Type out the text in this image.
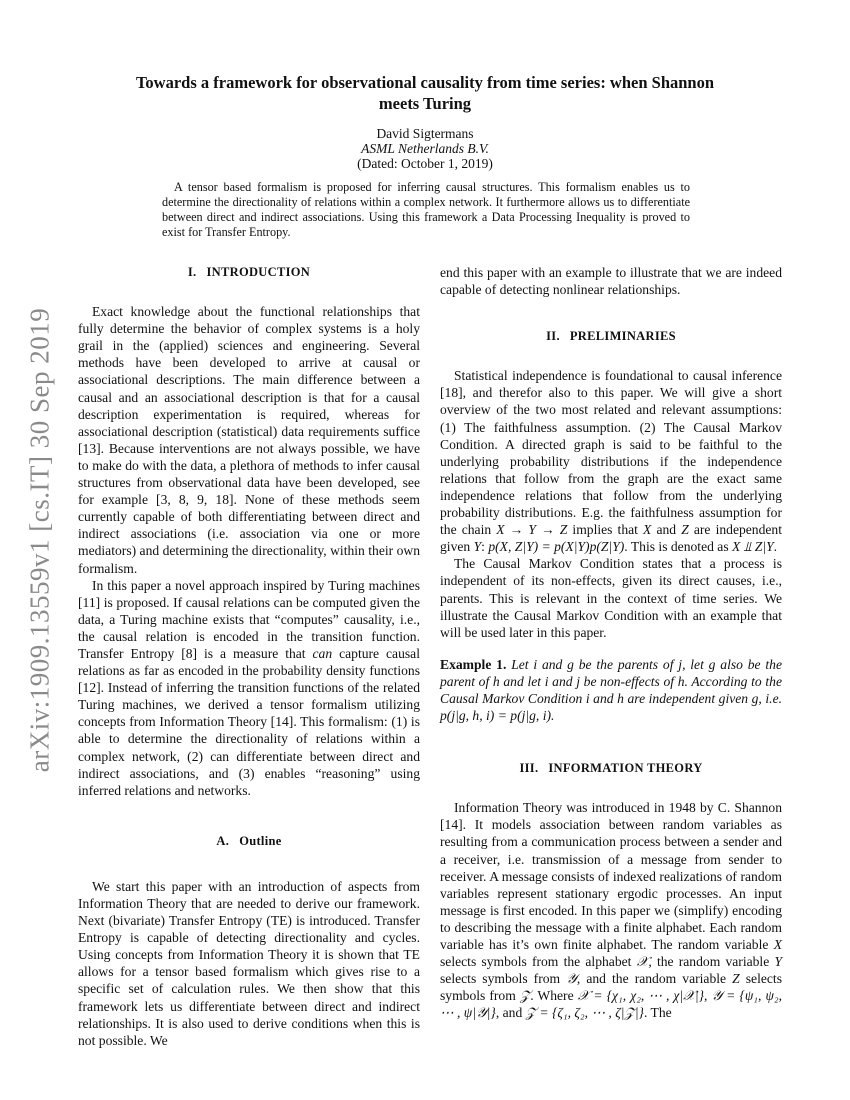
arXiv:1909.13559v1 [cs.IT] 30 Sep 2019
Towards a framework for observational causality from time series: when Shannon
meets Turing
David Sigtermans
ASML Netherlands B.V.
(Dated: October 1, 2019)
A tensor based formalism is proposed for inferring causal structures. This formalism enables us to determine the directionality of relations within a complex network. It furthermore allows us to differentiate between direct and indirect associations. Using this framework a Data Processing Inequality is proved to exist for Transfer Entropy.
I. INTRODUCTION

Exact knowledge about the functional relationships that fully determine the behavior of complex systems is a holy grail in the (applied) sciences and engineering. Several methods have been developed to arrive at causal or associational descriptions. The main difference between a causal and an associational description is that for a causal description experimentation is required, whereas for associational description (statistical) data requirements suffice [13]. Because interventions are not always possible, we have to make do with the data, a plethora of methods to infer causal structures from observational data have been developed, see for example [3, 8, 9, 18]. None of these methods seem currently capable of both differentiating between direct and indirect associations (i.e. association via one or more mediators) and determining the directionality, within their own formalism.

In this paper a novel approach inspired by Turing machines [11] is proposed. If causal relations can be computed given the data, a Turing machine exists that “computes” causality, i.e., the causal relation is encoded in the transition function. Transfer Entropy [8] is a measure that can capture causal relations as far as encoded in the probability density functions [12]. Instead of inferring the transition functions of the related Turing machines, we derived a tensor formalism utilizing concepts from Information Theory [14]. This formalism: (1) is able to determine the directionality of relations within a complex network, (2) can differentiate between direct and indirect associations, and (3) enables “reasoning” using inferred relations and networks.

A. Outline

We start this paper with an introduction of aspects from Information Theory that are needed to derive our framework. Next (bivariate) Transfer Entropy (TE) is introduced. Transfer Entropy is capable of detecting directionality and cycles. Using concepts from Information Theory it is shown that TE allows for a tensor based formalism which gives rise to a specific set of calculation rules. We then show that this framework lets us differentiate between direct and indirect relationships. It is also used to derive conditions when this is not possible. We

end this paper with an example to illustrate that we are indeed capable of detecting nonlinear relationships.

II. PRELIMINARIES

Statistical independence is foundational to causal inference [18], and therefor also to this paper. We will give a short overview of the two most related and relevant assumptions: (1) The faithfulness assumption. (2) The Causal Markov Condition. A directed graph is said to be faithful to the underlying probability distributions if the independence relations that follow from the graph are the exact same independence relations that follow from the underlying probability distributions. E.g. the faithfulness assumption for the chain X → Y → Z implies that X and Z are independent given Y: p(X, Z|Y) = p(X|Y)p(Z|Y). This is denoted as X ⫫ Z|Y.

The Causal Markov Condition states that a process is independent of its non-effects, given its direct causes, i.e., parents. This is relevant in the context of time series. We illustrate the Causal Markov Condition with an example that will be used later in this paper.

Example 1. Let i and g be the parents of j, let g also be the parent of h and let i and j be non-effects of h. According to the Causal Markov Condition i and h are independent given g, i.e. p(j|g, h, i) = p(j|g, i).

III. INFORMATION THEORY

Information Theory was introduced in 1948 by C. Shannon [14]. It models association between random variables as resulting from a communication process between a sender and a receiver, i.e. transmission of a message from sender to receiver. A message consists of indexed realizations of random variables represent stationary ergodic processes. An input message is first encoded. In this paper we (simplify) encoding to describing the message with a finite alphabet. Each random variable has it’s own finite alphabet. The random variable X selects symbols from the alphabet 𝒳, the random variable Y selects symbols from 𝒴, and the random variable Z selects symbols from 𝒵. Where 𝒳 = {χ₁, χ₂, ⋯ , χ|𝒳|}, 𝒴 = {ψ₁, ψ₂, ⋯ , ψ|𝒴|}, and 𝒵 = {ζ₁, ζ₂, ⋯ , ζ|𝒵|}. The
